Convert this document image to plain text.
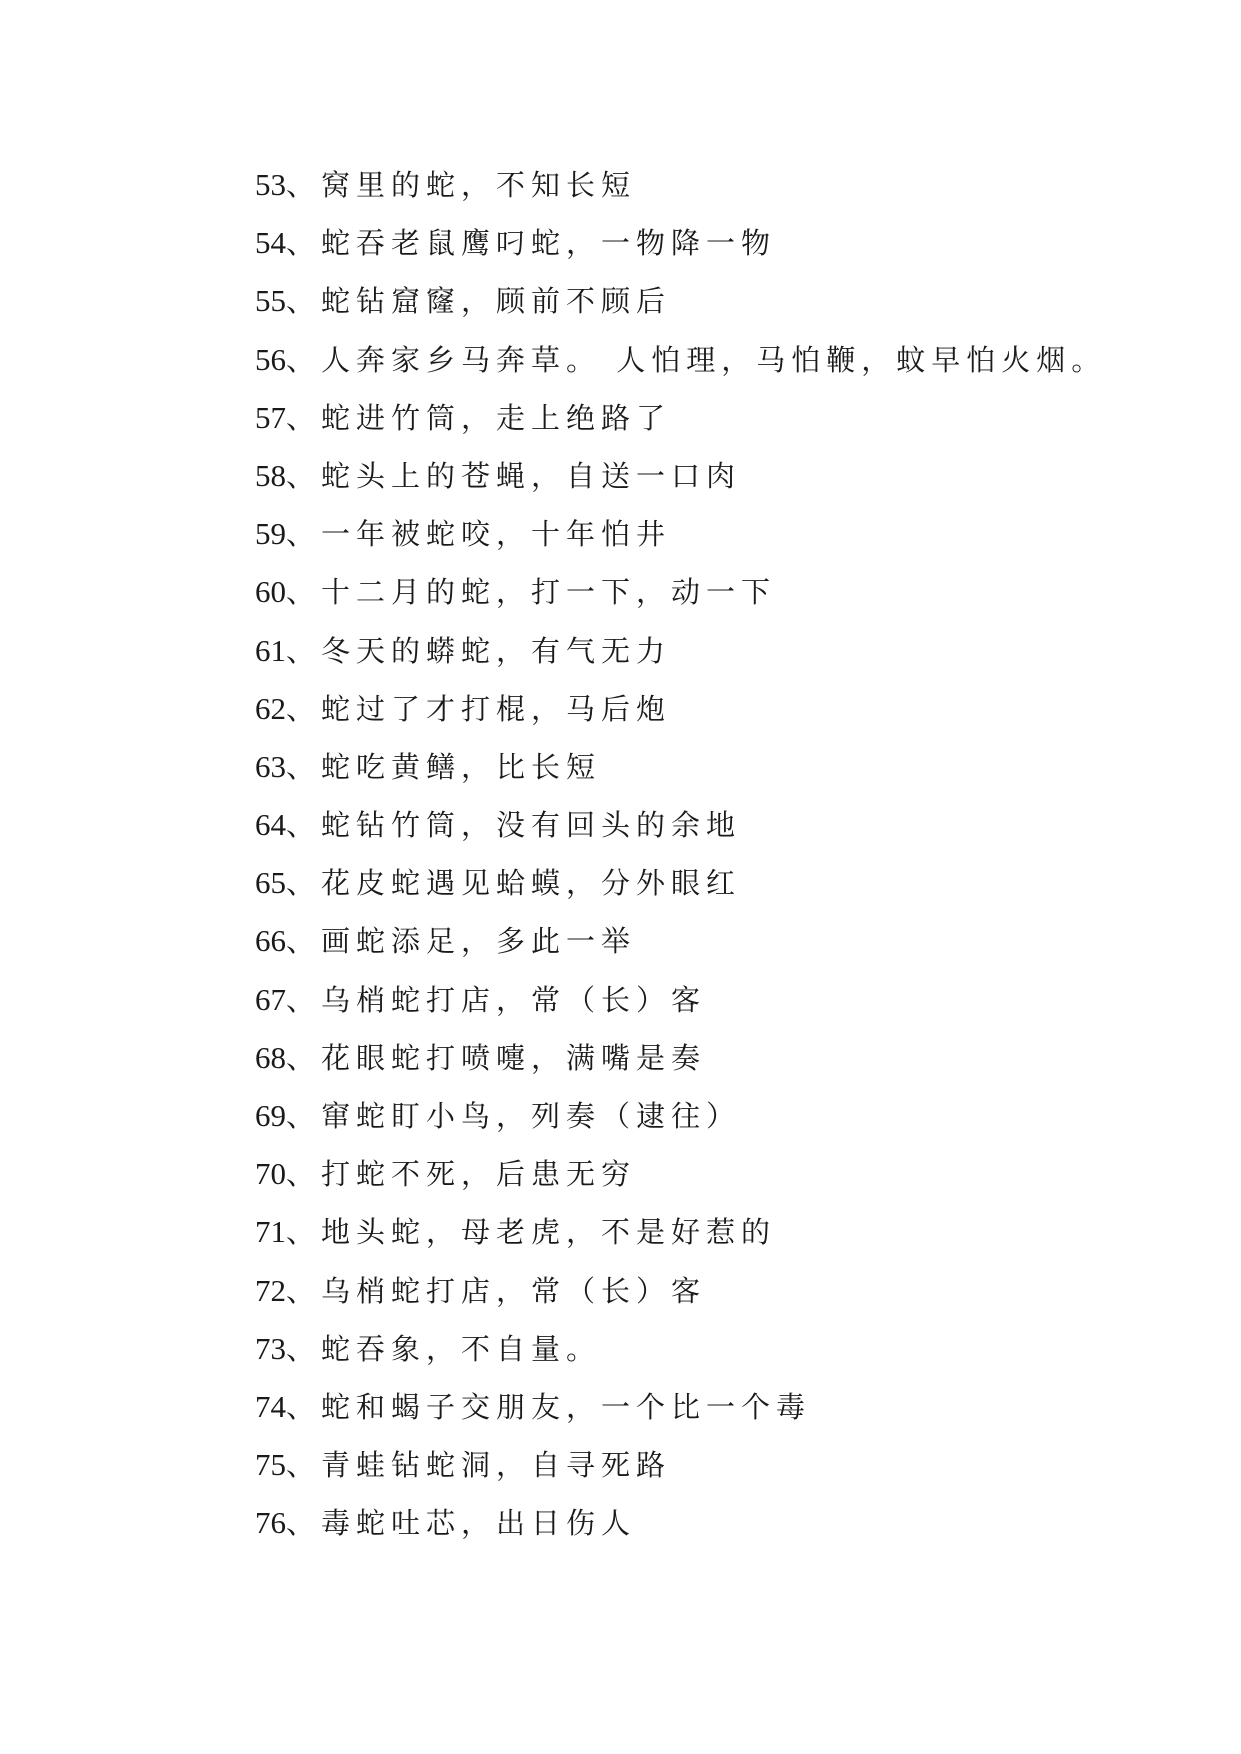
53、窝里的蛇，不知长短
54、蛇吞老鼠鹰叼蛇，一物降一物
55、蛇钻窟窿，顾前不顾后
56、人奔家乡马奔草。 人怕理，马怕鞭，蚊早怕火烟。
57、蛇进竹筒，走上绝路了
58、蛇头上的苍蝇，自送一口肉
59、一年被蛇咬，十年怕井
60、十二月的蛇，打一下，动一下
61、冬天的蟒蛇，有气无力
62、蛇过了才打棍，马后炮
63、蛇吃黄鳝，比长短
64、蛇钻竹筒，没有回头的余地
65、花皮蛇遇见蛤蟆，分外眼红
66、画蛇添足，多此一举
67、乌梢蛇打店，常（长）客
68、花眼蛇打喷嚏，满嘴是奏
69、窜蛇盯小鸟，列奏（逮往）
70、打蛇不死，后患无穷
71、地头蛇，母老虎，不是好惹的
72、乌梢蛇打店，常（长）客
73、蛇吞象，不自量。
74、蛇和蝎子交朋友，一个比一个毒
75、青蛙钻蛇洞，自寻死路
76、毒蛇吐芯，出日伤人
